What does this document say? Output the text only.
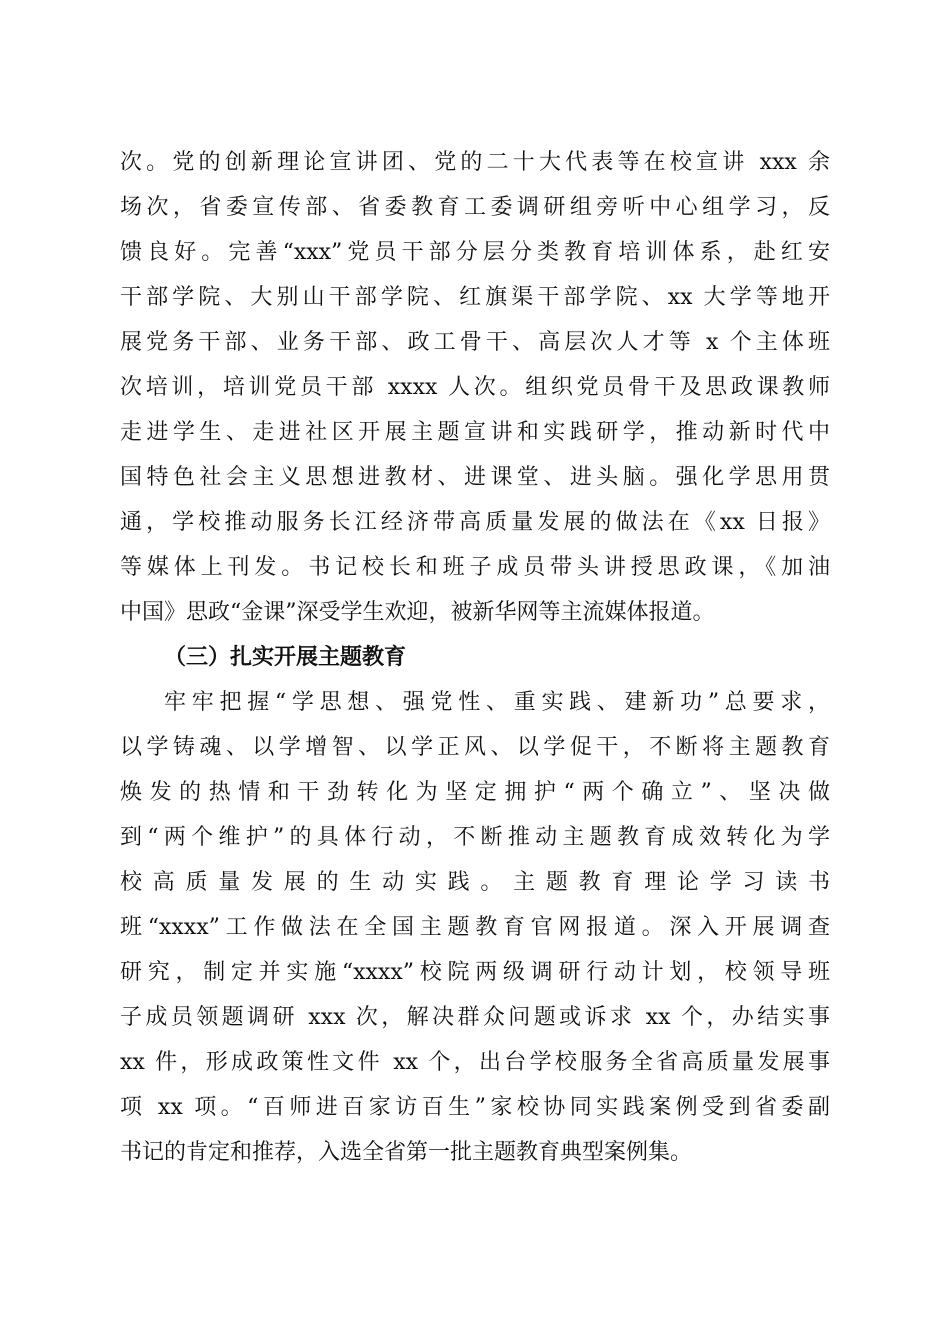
次。党的创新理论宣讲团、党的二十大代表等在校宣讲 xxx 余
场次，省委宣传部、省委教育工委调研组旁听中心组学习，反
馈良好。完善“xxx”党员干部分层分类教育培训体系，赴红安
干部学院、大别山干部学院、红旗渠干部学院、xx 大学等地开
展党务干部、业务干部、政工骨干、高层次人才等 x 个主体班
次培训，培训党员干部 xxxx 人次。组织党员骨干及思政课教师
走进学生、走进社区开展主题宣讲和实践研学，推动新时代中
国特色社会主义思想进教材、进课堂、进头脑。强化学思用贯
通，学校推动服务长江经济带高质量发展的做法在《xx 日报》
等媒体上刊发。书记校长和班子成员带头讲授思政课，《加油
中国》思政“金课”深受学生欢迎，被新华网等主流媒体报道。
（三）扎实开展主题教育
牢牢把握“学思想、强党性、重实践、建新功”总要求，
以学铸魂、以学增智、以学正风、以学促干，不断将主题教育
焕发的热情和干劲转化为坚定拥护“两个确立”、坚决做
到“两个维护”的具体行动，不断推动主题教育成效转化为学
校 高 质 量 发 展 的 生 动 实 践 。 主 题 教 育 理 论 学 习 读 书
班“xxxx”工作做法在全国主题教育官网报道。深入开展调查
研究，制定并实施“xxxx”校院两级调研行动计划，校领导班
子成员领题调研 xxx 次，解决群众问题或诉求 xx 个，办结实事
xx 件，形成政策性文件 xx 个，出台学校服务全省高质量发展事
项 xx 项。“百师进百家访百生”家校协同实践案例受到省委副
书记的肯定和推荐，入选全省第一批主题教育典型案例集。
